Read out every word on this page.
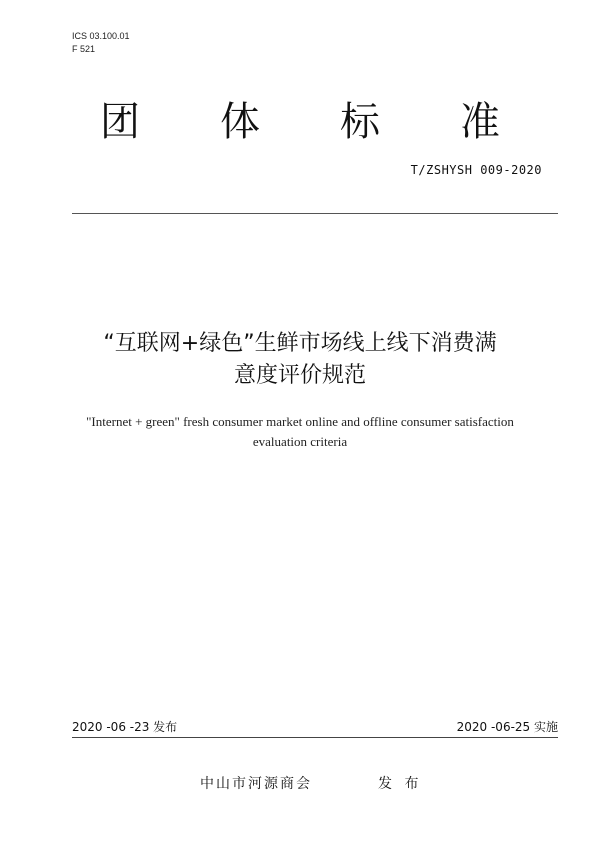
ICS 03.100.01
F 521
团 体 标 准
T/ZSHYSH 009-2020
“互联网+绿色”生鲜市场线上线下消费满
意度评价规范
"Internet + green" fresh consumer market online and offline consumer satisfaction
evaluation criteria
2020 -06 -23 发布	2020 -06-25 实施
中山市河源商会	发 布
